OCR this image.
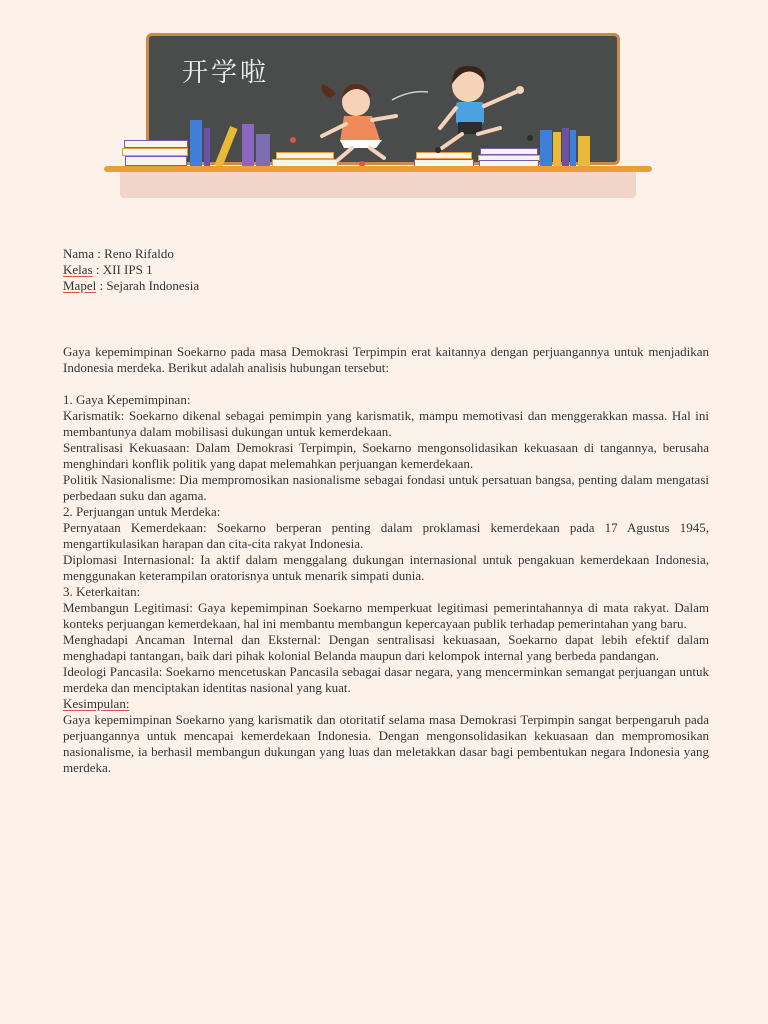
开学啦
Nama : Reno Rifaldo
Kelas : XII IPS 1
Mapel : Sejarah Indonesia

Gaya kepemimpinan Soekarno pada masa Demokrasi Terpimpin erat kaitannya dengan perjuangannya untuk menjadikan Indonesia merdeka. Berikut adalah analisis hubungan tersebut:

1. Gaya Kepemimpinan:

Karismatik: Soekarno dikenal sebagai pemimpin yang karismatik, mampu memotivasi dan menggerakkan massa. Hal ini membantunya dalam mobilisasi dukungan untuk kemerdekaan.

Sentralisasi Kekuasaan: Dalam Demokrasi Terpimpin, Soekarno mengonsolidasikan kekuasaan di tangannya, berusaha menghindari konflik politik yang dapat melemahkan perjuangan kemerdekaan.

Politik Nasionalisme: Dia mempromosikan nasionalisme sebagai fondasi untuk persatuan bangsa, penting dalam mengatasi perbedaan suku dan agama.

2. Perjuangan untuk Merdeka:

Pernyataan Kemerdekaan: Soekarno berperan penting dalam proklamasi kemerdekaan pada 17 Agustus 1945, mengartikulasikan harapan dan cita-cita rakyat Indonesia.

Diplomasi Internasional: Ia aktif dalam menggalang dukungan internasional untuk pengakuan kemerdekaan Indonesia, menggunakan keterampilan oratorisnya untuk menarik simpati dunia.

3. Keterkaitan:

Membangun Legitimasi: Gaya kepemimpinan Soekarno memperkuat legitimasi pemerintahannya di mata rakyat. Dalam konteks perjuangan kemerdekaan, hal ini membantu membangun kepercayaan publik terhadap pemerintahan yang baru.

Menghadapi Ancaman Internal dan Eksternal: Dengan sentralisasi kekuasaan, Soekarno dapat lebih efektif dalam menghadapi tantangan, baik dari pihak kolonial Belanda maupun dari kelompok internal yang berbeda pandangan.

Ideologi Pancasila: Soekarno mencetuskan Pancasila sebagai dasar negara, yang mencerminkan semangat perjuangan untuk merdeka dan menciptakan identitas nasional yang kuat.

Kesimpulan:

Gaya kepemimpinan Soekarno yang karismatik dan otoritatif selama masa Demokrasi Terpimpin sangat berpengaruh pada perjuangannya untuk mencapai kemerdekaan Indonesia. Dengan mengonsolidasikan kekuasaan dan mempromosikan nasionalisme, ia berhasil membangun dukungan yang luas dan meletakkan dasar bagi pembentukan negara Indonesia yang merdeka.
